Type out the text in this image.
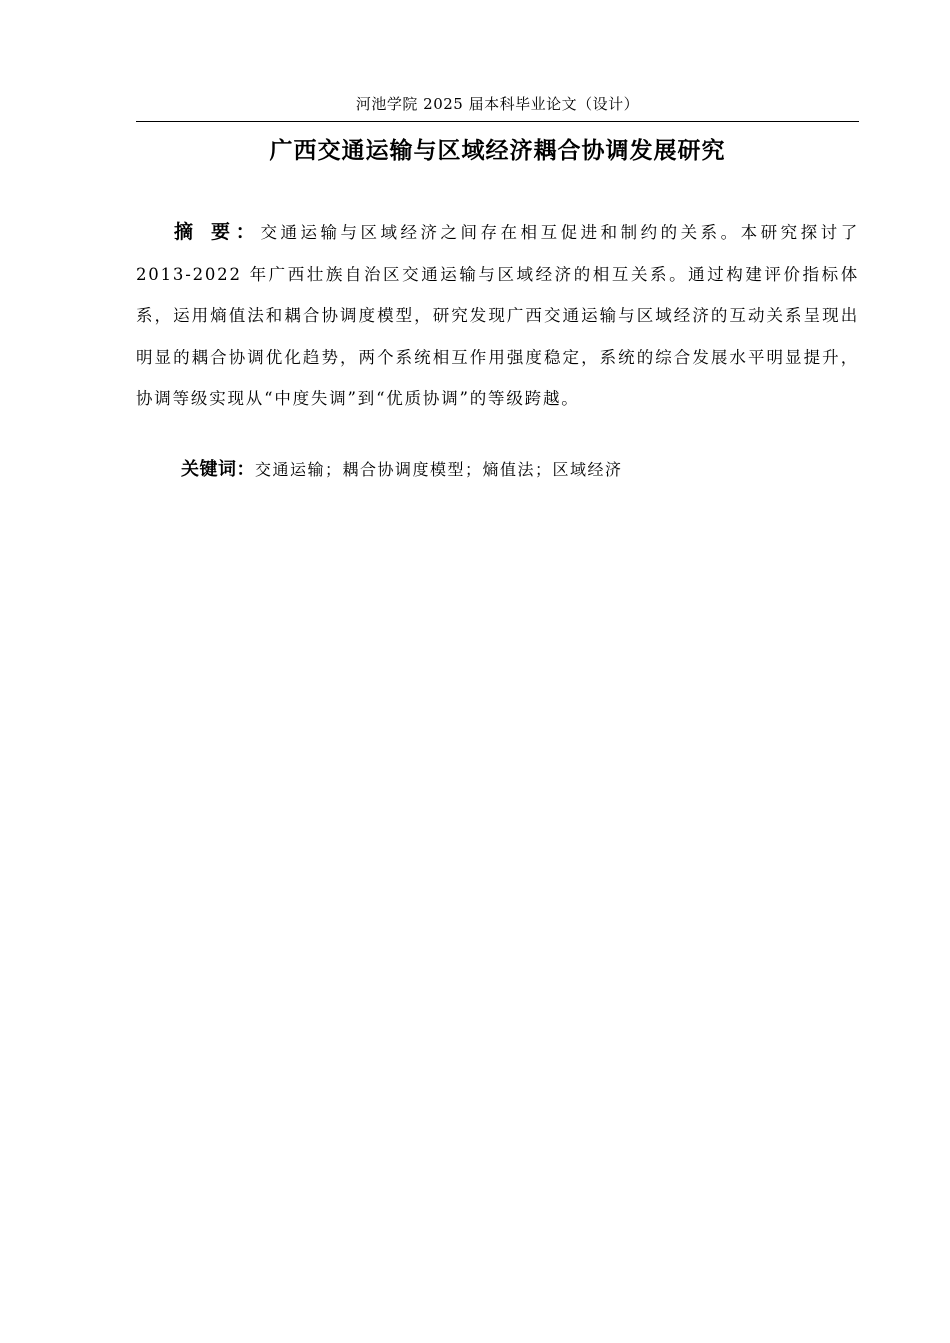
河池学院 2025 届本科毕业论文（设计）
广西交通运输与区域经济耦合协调发展研究

摘 要：交通运输与区域经济之间存在相互促进和制约的关系。本研究探讨了2013-2022 年广西壮族自治区交通运输与区域经济的相互关系。通过构建评价指标体系，运用熵值法和耦合协调度模型，研究发现广西交通运输与区域经济的互动关系呈现出明显的耦合协调优化趋势，两个系统相互作用强度稳定，系统的综合发展水平明显提升，协调等级实现从“中度失调”到“优质协调”的等级跨越。

关键词：交通运输；耦合协调度模型；熵值法；区域经济
